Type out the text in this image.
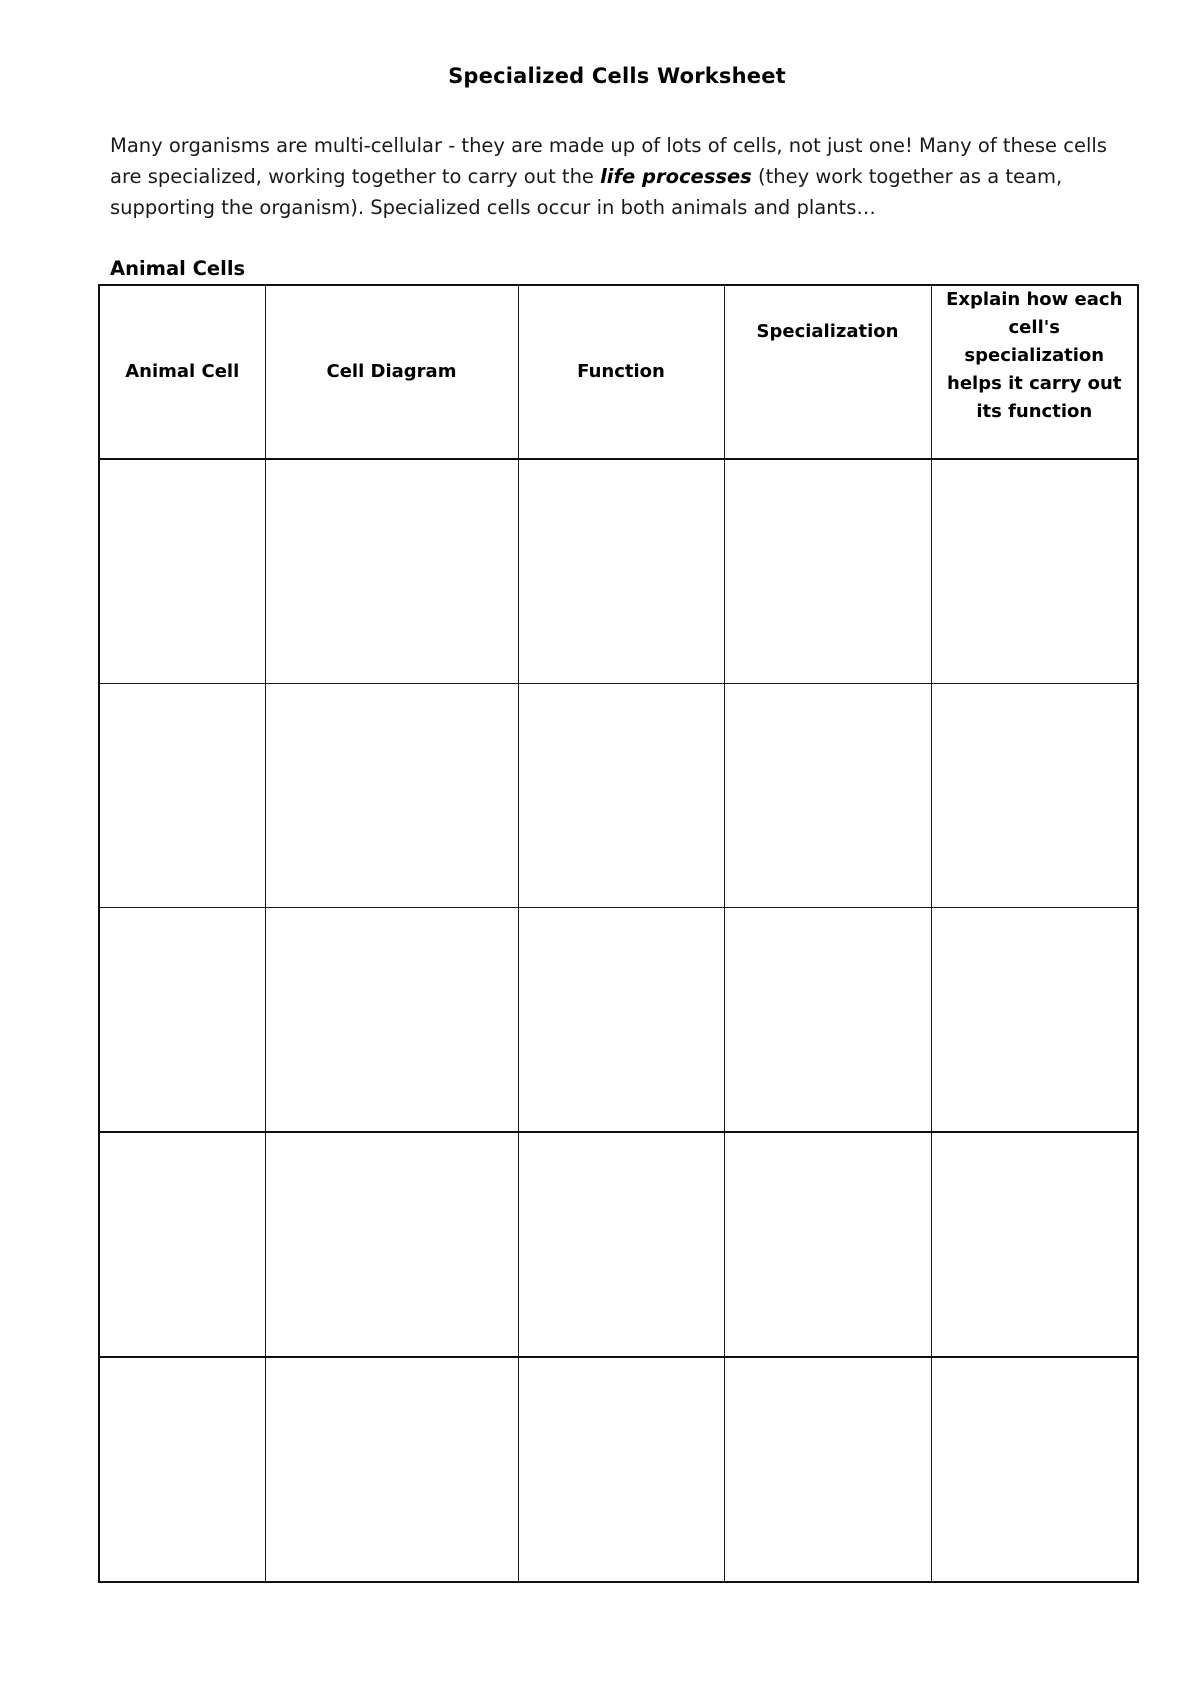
Specialized Cells Worksheet

Many organisms are multi-cellular - they are made up of lots of cells, not just one! Many of these cells are specialized, working together to carry out the life processes (they work together as a team, supporting the organism). Specialized cells occur in both animals and plants…

Animal Cells
Animal Cell	Cell Diagram	Function	Specialization	Explain how each cell's specialization helps it carry out its function
